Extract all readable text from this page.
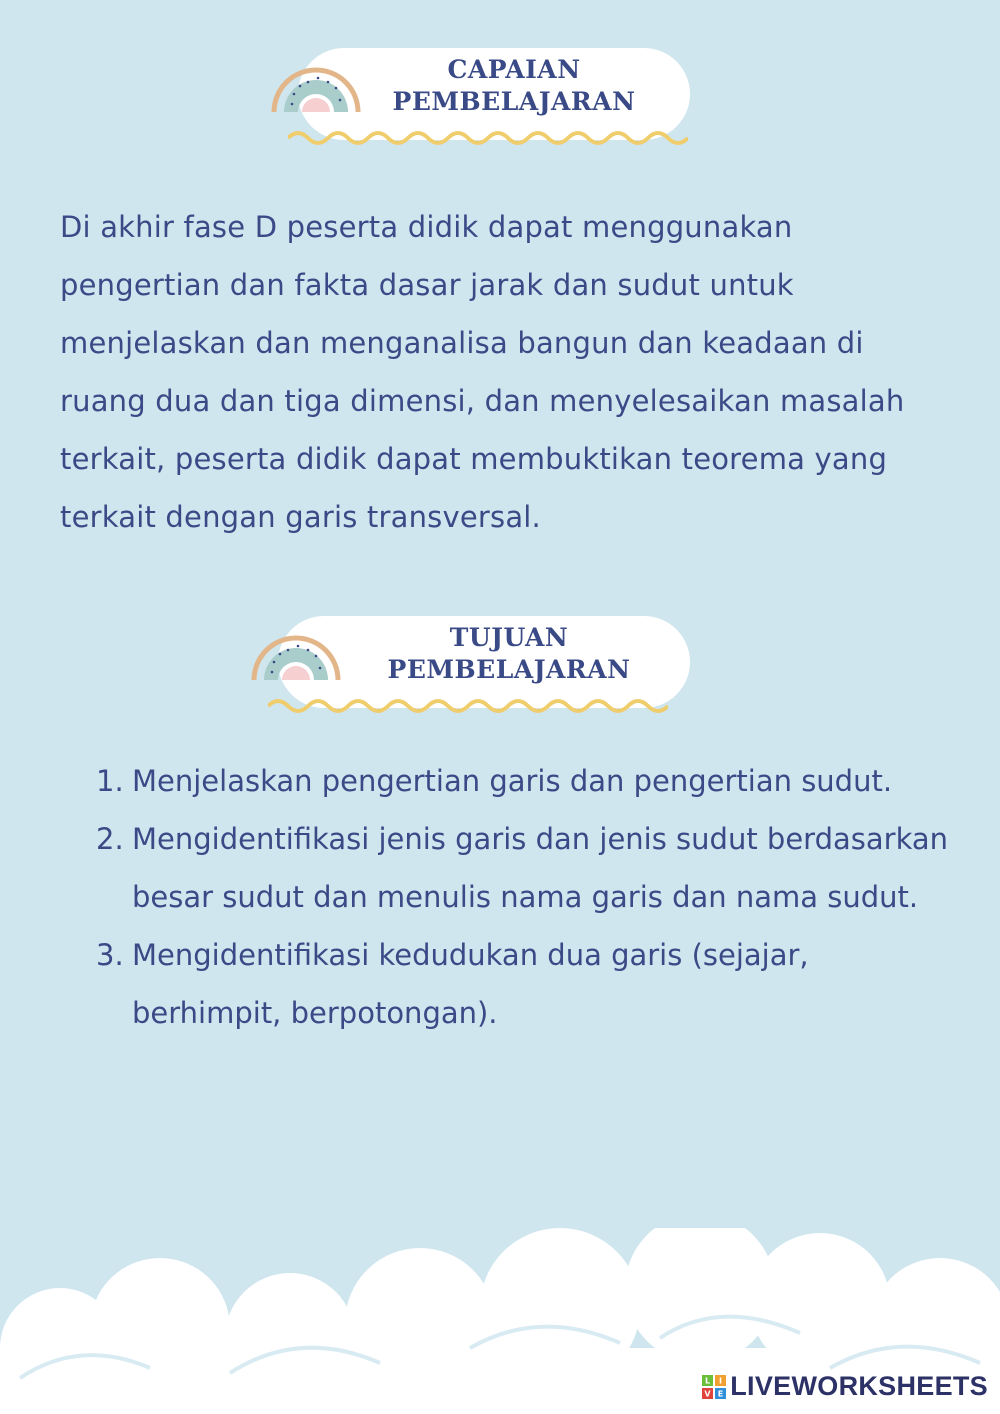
CAPAIAN
PEMBELAJARAN
Di akhir fase D peserta didik dapat menggunakan pengertian dan fakta dasar jarak dan sudut untuk menjelaskan dan menganalisa bangun dan keadaan di ruang dua dan tiga dimensi, dan menyelesaikan masalah terkait, peserta didik dapat membuktikan teorema yang terkait dengan garis transversal.
TUJUAN
PEMBELAJARAN
1. Menjelaskan pengertian garis dan pengertian sudut.
2. Mengidentifikasi jenis garis dan jenis sudut berdasarkan besar sudut dan menulis nama garis dan nama sudut.
3. Mengidentifikasi kedudukan dua garis (sejajar, berhimpit, berpotongan).
L I
V E LIVEWORKSHEETS
